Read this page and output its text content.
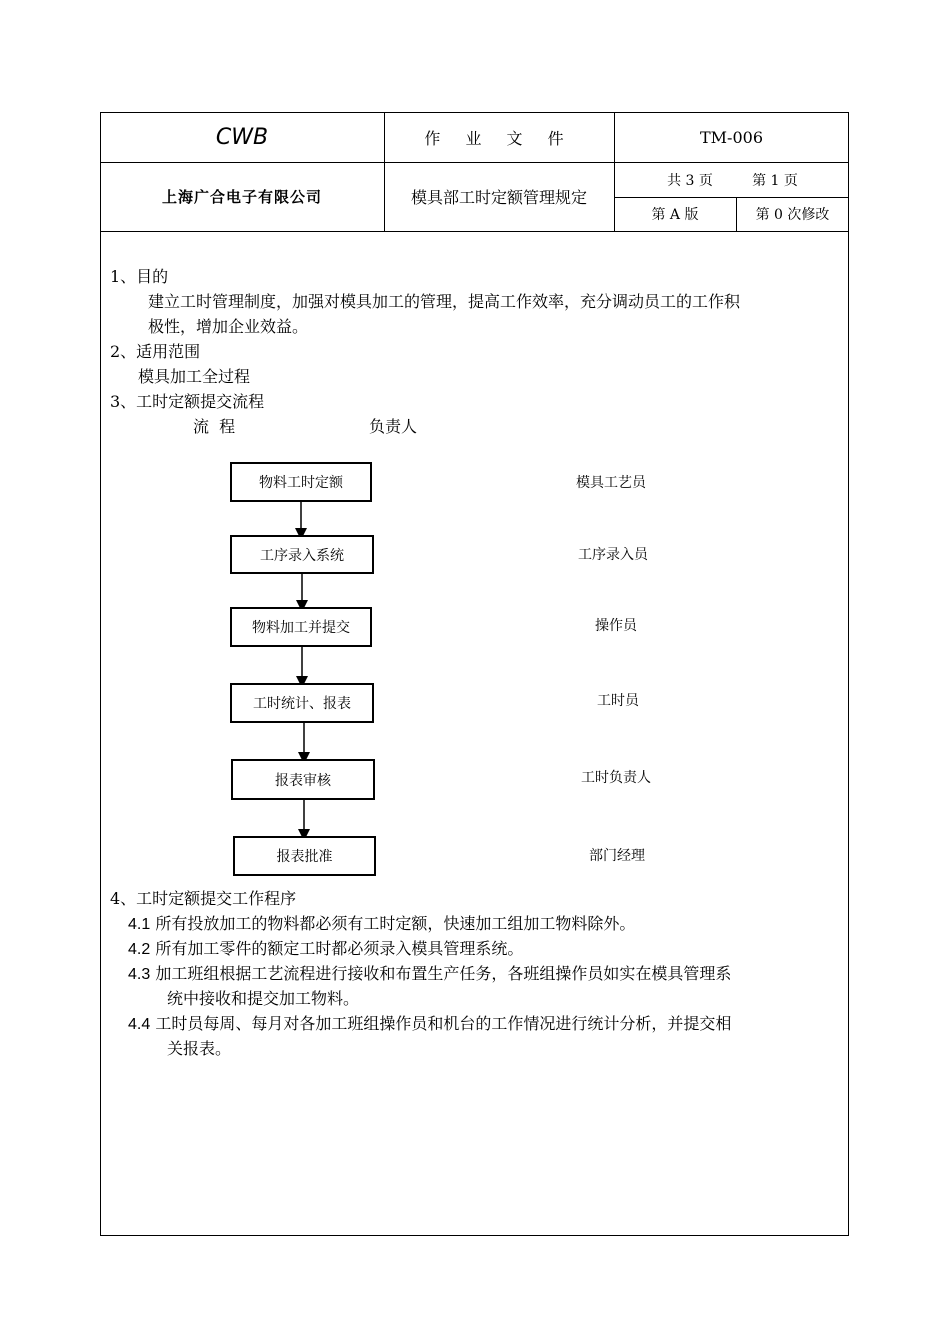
CWB	作 业 文 件	TM-006
上海广合电子有限公司	模具部工时定额管理规定
共 3 页	第 1 页
第 A 版	第 0 次修改
1、目的
建立工时管理制度，加强对模具加工的管理，提高工作效率，充分调动员工的工作积
极性，增加企业效益。
2、适用范围
模具加工全过程
3、工时定额提交流程
流  程	负责人
物料工时定额
工序录入系统
物料加工并提交
工时统计、报表
报表审核
报表批准
模具工艺员
工序录入员
操作员
工时员
工时负责人
部门经理
4、工时定额提交工作程序
4.1 所有投放加工的物料都必须有工时定额，快速加工组加工物料除外。
4.2 所有加工零件的额定工时都必须录入模具管理系统。
4.3 加工班组根据工艺流程进行接收和布置生产任务，各班组操作员如实在模具管理系
统中接收和提交加工物料。
4.4 工时员每周、每月对各加工班组操作员和机台的工作情况进行统计分析，并提交相
关报表。
